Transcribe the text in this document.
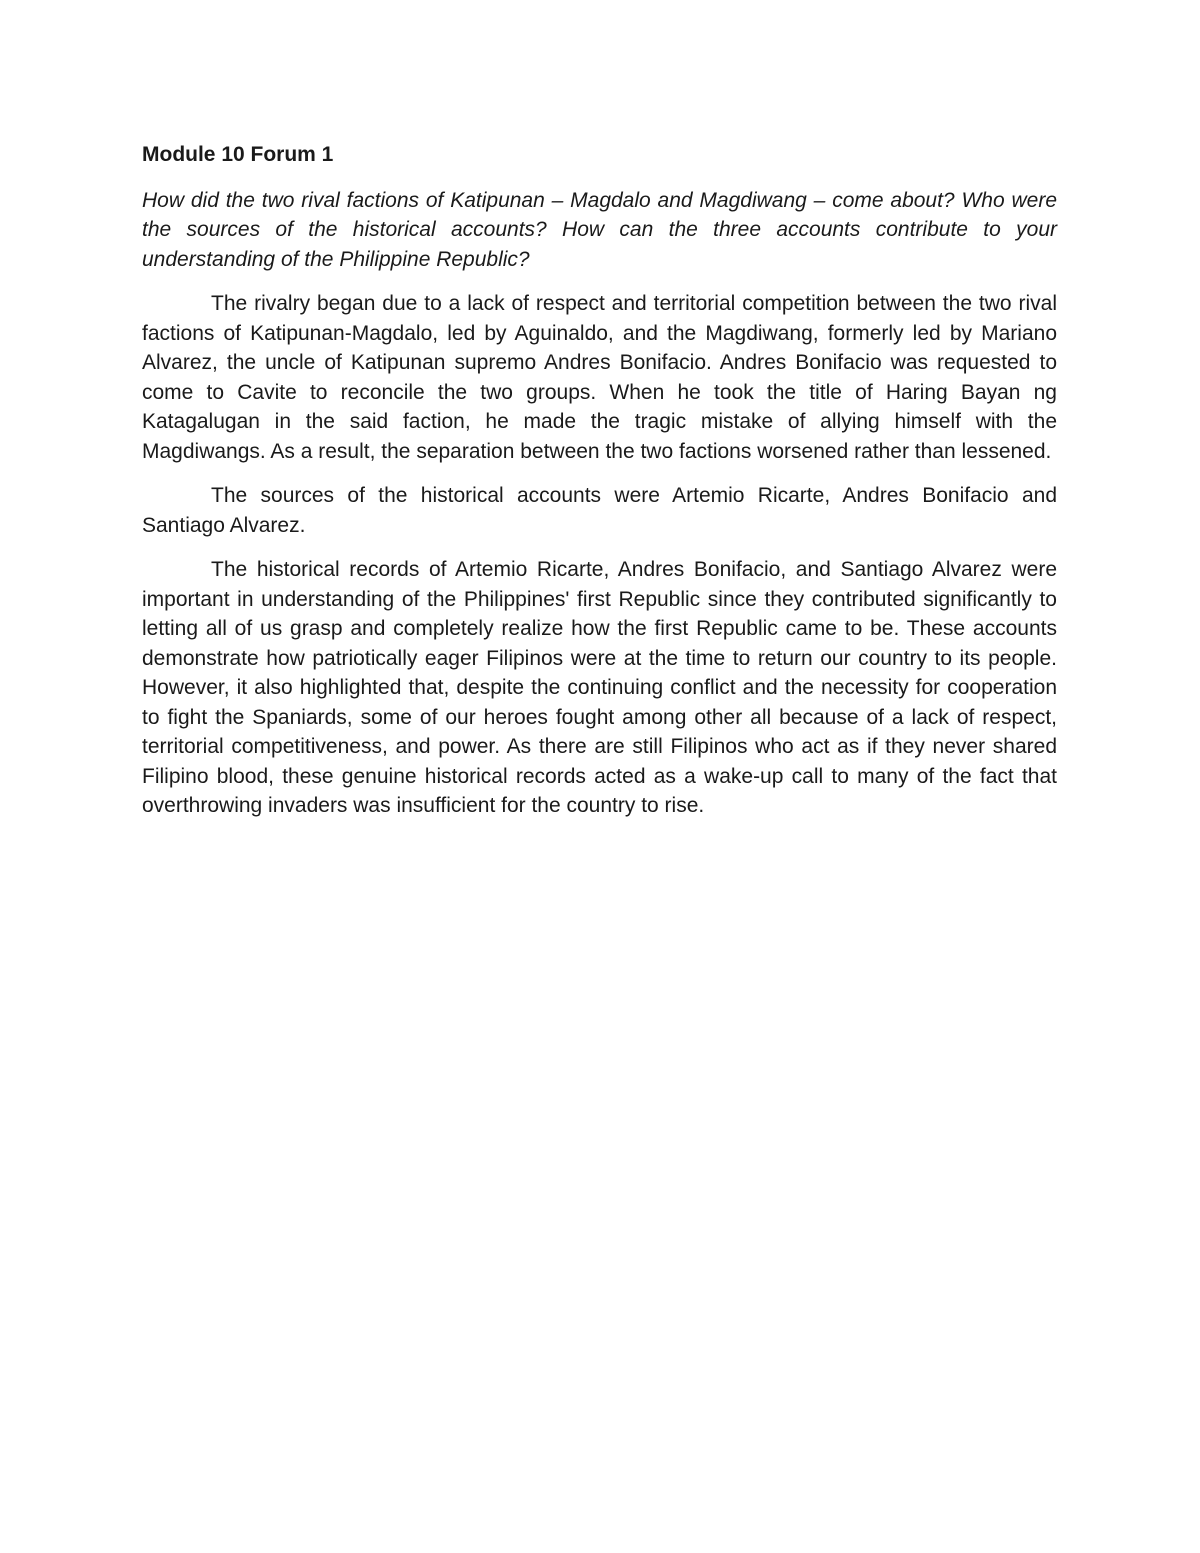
Module 10 Forum 1

How did the two rival factions of Katipunan – Magdalo and Magdiwang – come about? Who were the sources of the historical accounts? How can the three accounts contribute to your understanding of the Philippine Republic?

The rivalry began due to a lack of respect and territorial competition between the two rival factions of Katipunan-Magdalo, led by Aguinaldo, and the Magdiwang, formerly led by Mariano Alvarez, the uncle of Katipunan supremo Andres Bonifacio. Andres Bonifacio was requested to come to Cavite to reconcile the two groups. When he took the title of Haring Bayan ng Katagalugan in the said faction, he made the tragic mistake of allying himself with the Magdiwangs. As a result, the separation between the two factions worsened rather than lessened.

The sources of the historical accounts were Artemio Ricarte, Andres Bonifacio and Santiago Alvarez.

The historical records of Artemio Ricarte, Andres Bonifacio, and Santiago Alvarez were important in understanding of the Philippines' first Republic since they contributed significantly to letting all of us grasp and completely realize how the first Republic came to be. These accounts demonstrate how patriotically eager Filipinos were at the time to return our country to its people. However, it also highlighted that, despite the continuing conflict and the necessity for cooperation to fight the Spaniards, some of our heroes fought among other all because of a lack of respect, territorial competitiveness, and power. As there are still Filipinos who act as if they never shared Filipino blood, these genuine historical records acted as a wake-up call to many of the fact that overthrowing invaders was insufficient for the country to rise.
